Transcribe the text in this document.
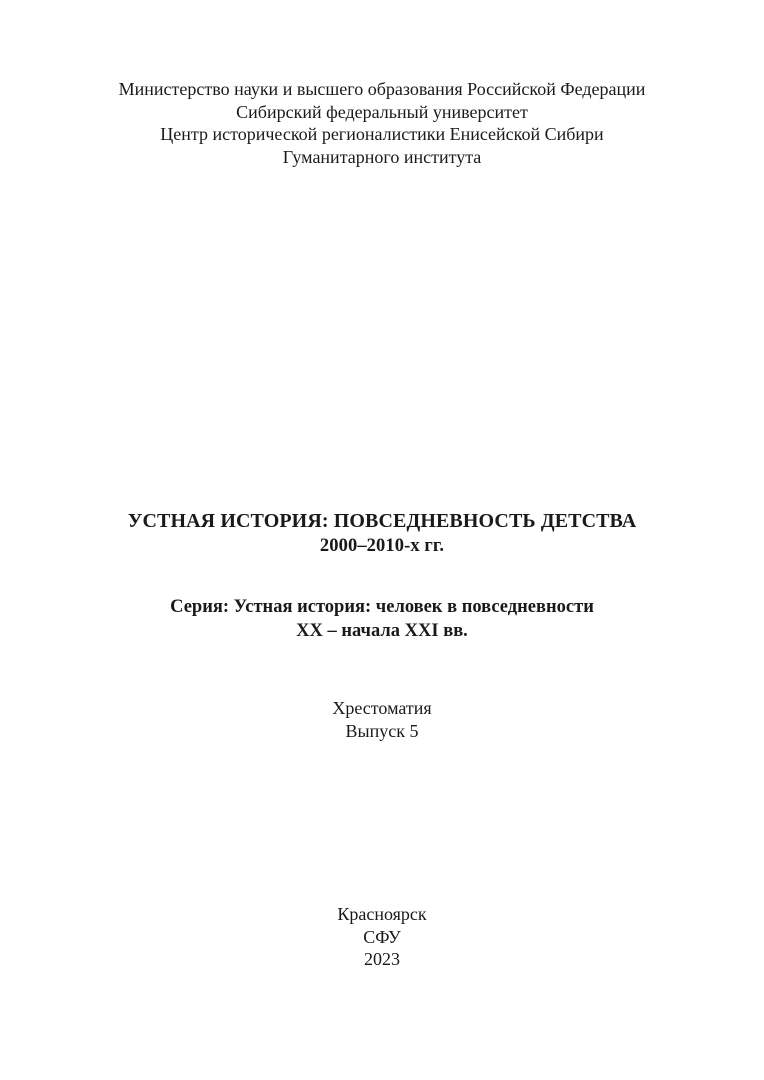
Министерство науки и высшего образования Российской Федерации
Сибирский федеральный университет
Центр исторической регионалистики Енисейской Сибири
Гуманитарного института
УСТНАЯ ИСТОРИЯ: ПОВСЕДНЕВНОСТЬ ДЕТСТВА
2000–2010-х гг.
Серия: Устная история: человек в повседневности
XX – начала XXI вв.
Хрестоматия
Выпуск 5
Красноярск
СФУ
2023
